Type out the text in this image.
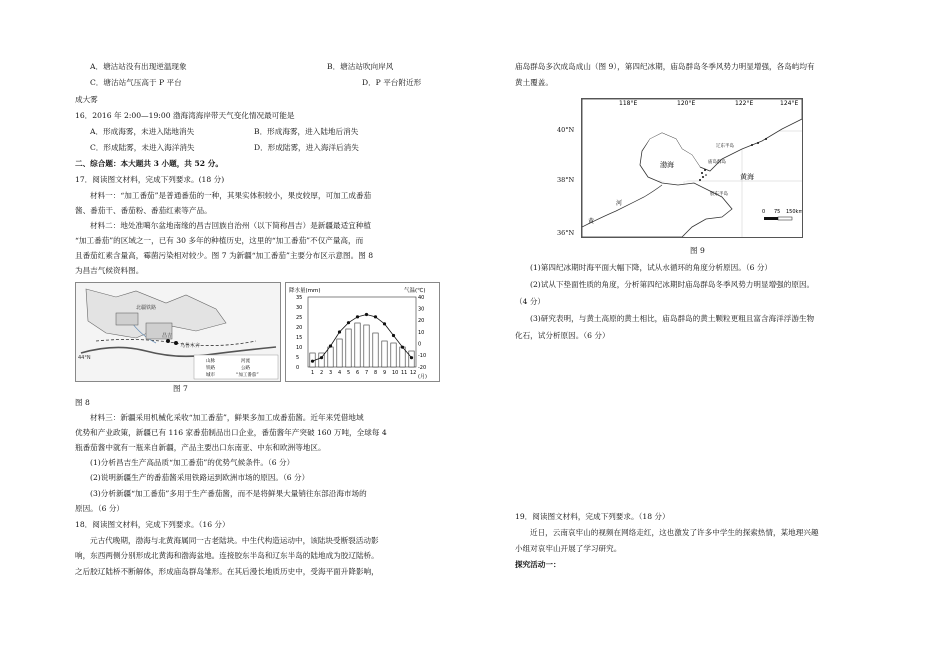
A．塘沽站没有出现逆温现象	B．塘沽站吹向岸风
C．塘沽站气压高于 P 平台	D．P 平台附近形
成大雾
16．2016 年 2:00—19:00 渤海湾海岸带天气变化情况最可能是
A．形成海雾，未进入陆地消失	B．形成海雾，进入陆地后消失
C．形成陆雾，未进入海洋消失	D．形成陆雾，进入海洋后消失
二、综合题：本大题共 3 小题，共 52 分。
17．阅读图文材料，完成下列要求。(18 分)
材料一：“加工番茄”是普通番茄的一种，其果实体积较小，果皮较厚，可加工成番茄
酱、番茄干、番茄粉、番茄红素等产品。
材料二：地处准噶尔盆地南缘的昌吉回族自治州（以下简称昌吉）是新疆最适宜种植
“加工番茄”的区域之一，已有 30 多年的种植历史，这里的“加工番茄”不仅产量高，而
且番茄红素含量高，霉菌污染相对较少。图 7 为新疆“加工番茄”主要分布区示意图。图 8
为昌吉气候资料图。
北疆铁路
昌吉
乌鲁木齐
44°N
山脉	河流
铁路	公路
城市	“加工番茄”
降水量(mm)	气温(℃)
0
5
10
15
20
25
30
35
-20
-10
0
10
20
30
40
1 2 3 4 5 6 7 8 9 10 11 12
(月)
图 7
图 8
材料三：新疆采用机械化采收“加工番茄”，鲜果多加工成番茄酱。近年来凭借地域
优势和产业政策，新疆已有 116 家番茄制品出口企业，番茄酱年产突破 160 万吨，全球每 4
瓶番茄酱中就有一瓶来自新疆，产品主要出口东南亚、中东和欧洲等地区。
(1)分析昌吉生产高品质“加工番茄”的优势气候条件。（6 分）
(2)说明新疆生产的番茄酱采用铁路运到欧洲市场的原因。（6 分）
(3)分析新疆“加工番茄”多用于生产番茄酱，而不是将鲜果大量销往东部沿海市场的
原因。（6 分）
18．阅读图文材料，完成下列要求。（16 分）
元古代晚期，渤海与北黄海属同一古老陆块。中生代构造运动中，该陆块受断裂活动影
响，东西两侧分别形成北黄海和渤海盆地。连接胶东半岛和辽东半岛的陆地成为胶辽陆桥。
之后胶辽陆桥不断解体，形成庙岛群岛雏形。在其后漫长地质历史中，受海平面升降影响，
庙岛群岛多次成岛成山（图 9），第四纪冰期，庙岛群岛冬季风势力明显增强，各岛屿均有
黄土覆盖。
118°E	120°E	122°E	124°E
渤海
黄海
黄
河
辽东半岛
庙岛群岛
胶东半岛
0 75 150km
40°N
38°N
36°N
图 9
(1)第四纪冰期时海平面大幅下降，试从水循环的角度分析原因。（6 分）
(2)试从下垫面性质的角度，分析第四纪冰期时庙岛群岛冬季风势力明显增强的原因。
（4 分）
(3)研究表明，与黄土高原的黄土相比，庙岛群岛的黄土颗粒更粗且富含海洋浮游生物
化石，试分析原因。（6 分）
19．阅读图文材料，完成下列要求。（18 分）
近日，云南哀牢山的视频在网络走红，这也激发了许多中学生的探索热情，某地理兴趣
小组对哀牢山开展了学习研究。
探究活动一：
